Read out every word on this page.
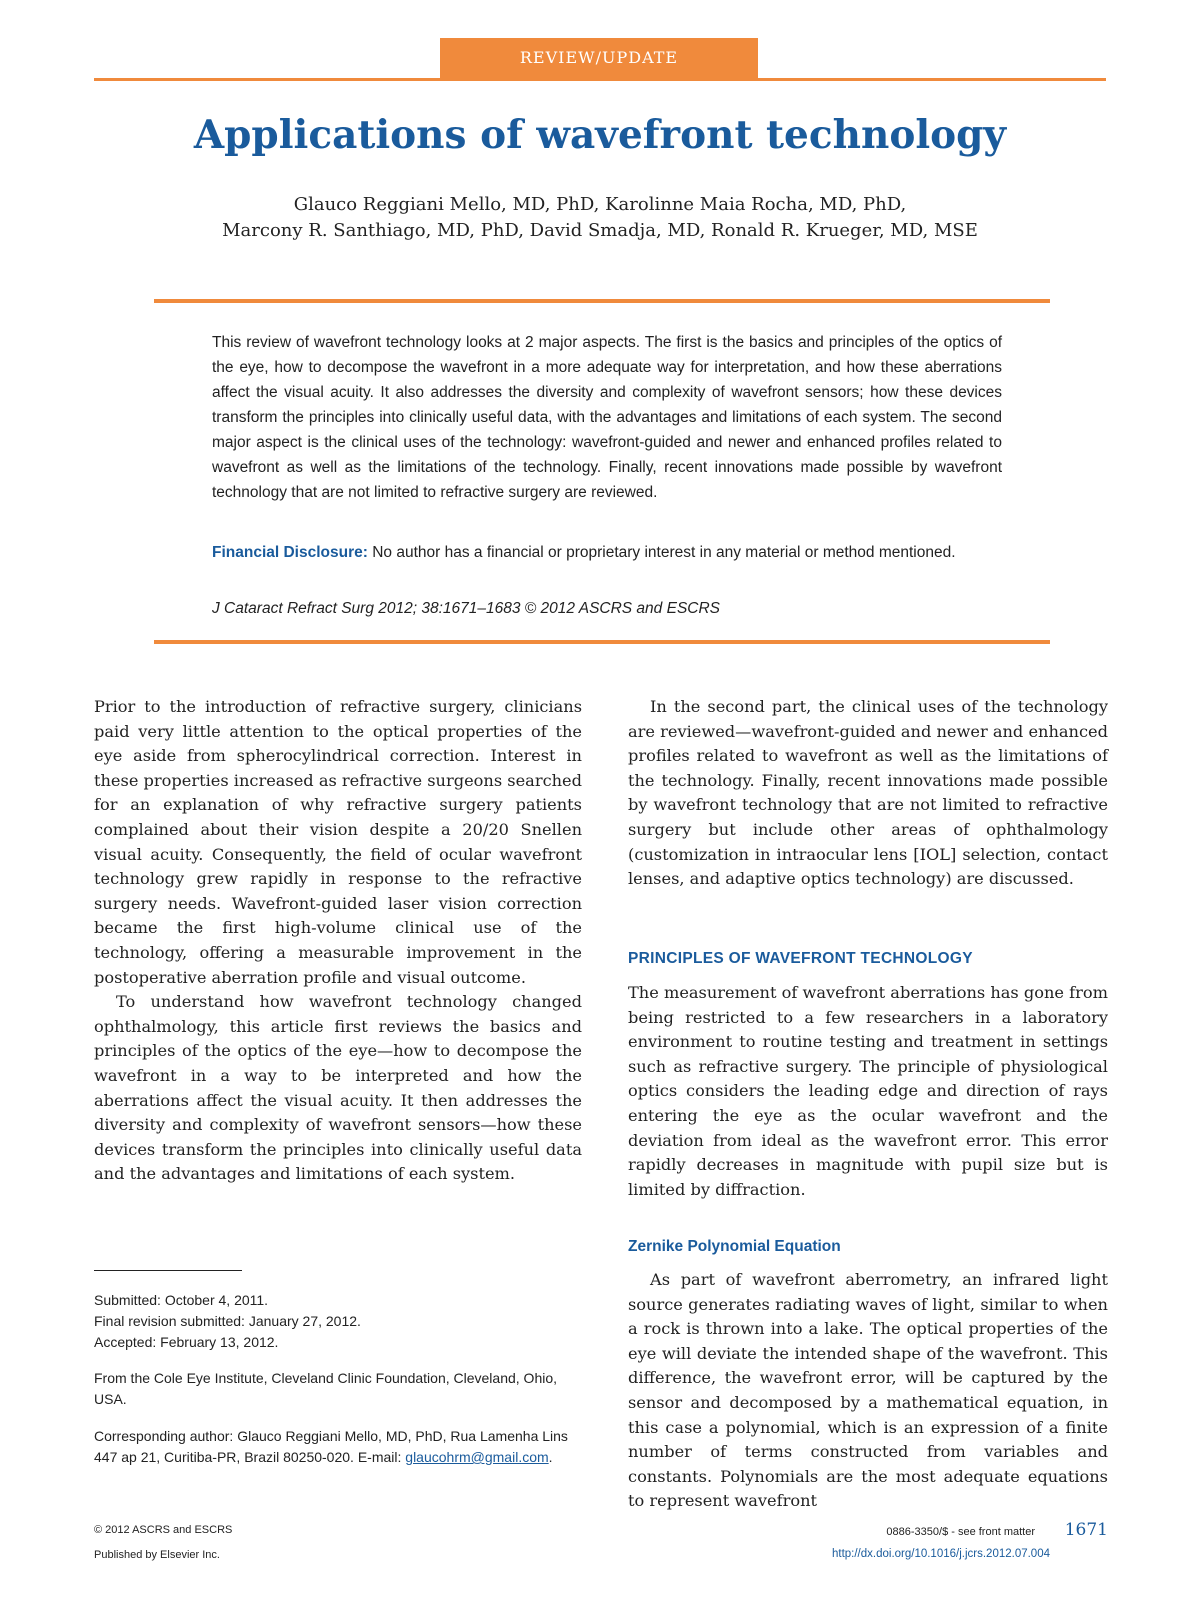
REVIEW/UPDATE
Applications of wavefront technology
Glauco Reggiani Mello, MD, PhD, Karolinne Maia Rocha, MD, PhD,
Marcony R. Santhiago, MD, PhD, David Smadja, MD, Ronald R. Krueger, MD, MSE

This review of wavefront technology looks at 2 major aspects. The first is the basics and principles of the optics of the eye, how to decompose the wavefront in a more adequate way for interpretation, and how these aberrations affect the visual acuity. It also addresses the diversity and complexity of wavefront sensors; how these devices transform the principles into clinically useful data, with the advantages and limitations of each system. The second major aspect is the clinical uses of the technology: wavefront-guided and newer and enhanced profiles related to wavefront as well as the limitations of the technology. Finally, recent innovations made possible by wavefront technology that are not limited to refractive surgery are reviewed.

Financial Disclosure: No author has a financial or proprietary interest in any material or method mentioned.

J Cataract Refract Surg 2012; 38:1671–1683 © 2012 ASCRS and ESCRS

Prior to the introduction of refractive surgery, clinicians paid very little attention to the optical properties of the eye aside from spherocylindrical correction. Interest in these properties increased as refractive surgeons searched for an explanation of why refractive surgery patients complained about their vision despite a 20/20 Snellen visual acuity. Consequently, the field of ocular wavefront technology grew rapidly in response to the refractive surgery needs. Wavefront-guided laser vision correction became the first high-volume clinical use of the technology, offering a measurable improvement in the postoperative aberration profile and visual outcome.

To understand how wavefront technology changed ophthalmology, this article first reviews the basics and principles of the optics of the eye—how to decompose the wavefront in a way to be interpreted and how the aberrations affect the visual acuity. It then addresses the diversity and complexity of wavefront sensors—how these devices transform the principles into clinically useful data and the advantages and limitations of each system.

In the second part, the clinical uses of the technology are reviewed—wavefront-guided and newer and enhanced profiles related to wavefront as well as the limitations of the technology. Finally, recent innovations made possible by wavefront technology that are not limited to refractive surgery but include other areas of ophthalmology (customization in intraocular lens [IOL] selection, contact lenses, and adaptive optics technology) are discussed.

PRINCIPLES OF WAVEFRONT TECHNOLOGY

The measurement of wavefront aberrations has gone from being restricted to a few researchers in a laboratory environment to routine testing and treatment in settings such as refractive surgery. The principle of physiological optics considers the leading edge and direction of rays entering the eye as the ocular wavefront and the deviation from ideal as the wavefront error. This error rapidly decreases in magnitude with pupil size but is limited by diffraction.

Zernike Polynomial Equation

As part of wavefront aberrometry, an infrared light source generates radiating waves of light, similar to when a rock is thrown into a lake. The optical properties of the eye will deviate the intended shape of the wavefront. This difference, the wavefront error, will be captured by the sensor and decomposed by a mathematical equation, in this case a polynomial, which is an expression of a finite number of terms constructed from variables and constants. Polynomials are the most adequate equations to represent wavefront

Submitted: October 4, 2011.

Final revision submitted: January 27, 2012.

Accepted: February 13, 2012.

From the Cole Eye Institute, Cleveland Clinic Foundation, Cleveland, Ohio, USA.

Corresponding author: Glauco Reggiani Mello, MD, PhD, Rua Lamenha Lins 447 ap 21, Curitiba-PR, Brazil 80250-020. E-mail: glaucohrm@gmail.com.

© 2012 ASCRS and ESCRS
Published by Elsevier Inc.
0886-3350/$ - see front matter 1671
http://dx.doi.org/10.1016/j.jcrs.2012.07.004
